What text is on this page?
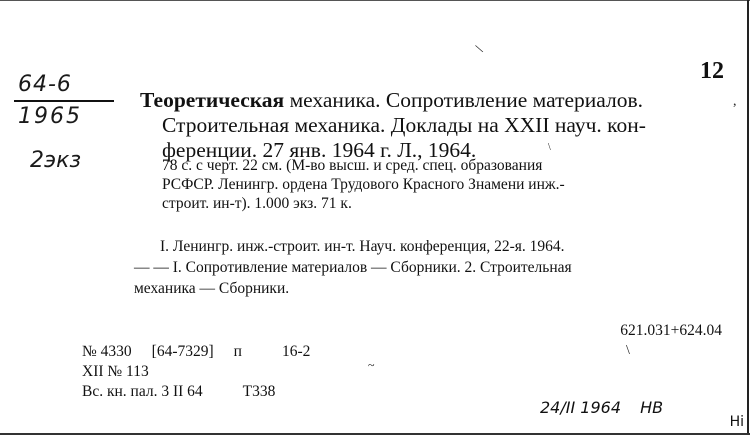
64-6
1965
2экз
12
\
,
\
\
~
Теоретическая механика. Сопротивление материалов.
Строительная механика. Доклады на XXII науч. кон-
ференции. 27 янв. 1964 г. Л., 1964.
78 с. с черт. 22 см. (М-во высш. и сред. спец. образования
РСФСР. Ленингр. ордена Трудового Красного Знамени инж.-
строит. ин-т). 1.000 экз. 71 к.
I. Ленингр. инж.-строит. ин-т. Науч. конференция, 22-я. 1964.
— — I. Сопротивление материалов — Сборники. 2. Строительная
механика — Сборники.
621.031+624.04
№ 4330 [64-7329] п	16-2
XII № 113
Вс. кн. пал. 3 II 64	Т338
24/II 1964 НВ
Нi
